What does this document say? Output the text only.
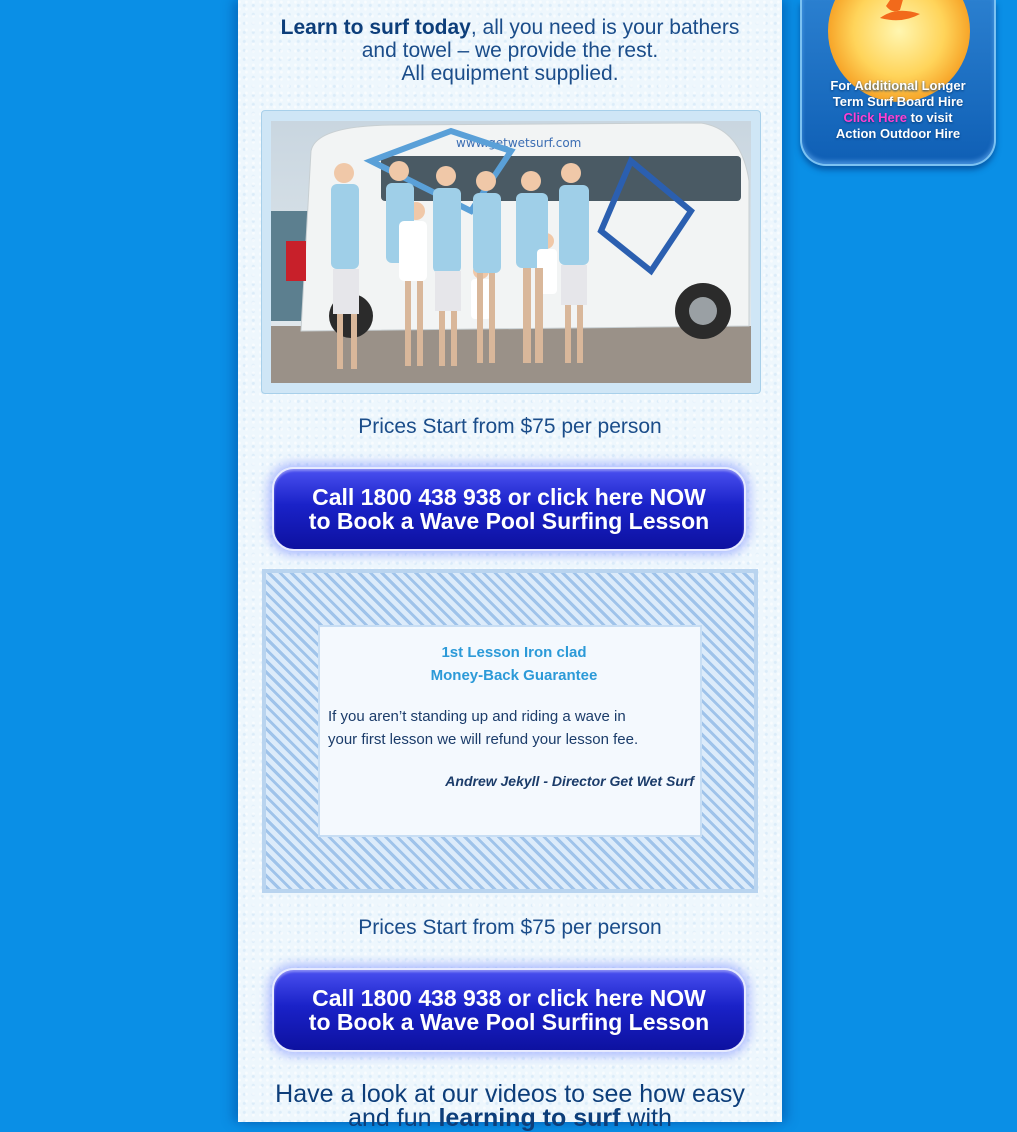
Learn to surf today, all you need is your bathers
and towel – we provide the rest.
All equipment supplied.
www.getwetsurf.com
Prices Start from $75 per person
Call 1800 438 938 or click here NOW
to Book a Wave Pool Surfing Lesson
1st Lesson Iron clad
Money-Back Guarantee
If you aren’t standing up and riding a wave in
your first lesson we will refund your lesson fee.
Andrew Jekyll - Director Get Wet Surf
Prices Start from $75 per person
Call 1800 438 938 or click here NOW
to Book a Wave Pool Surfing Lesson
Have a look at our videos to see how easy
and fun learning to surf with
For Additional Longer
Term Surf Board Hire
Click Here to visit
Action Outdoor Hire
